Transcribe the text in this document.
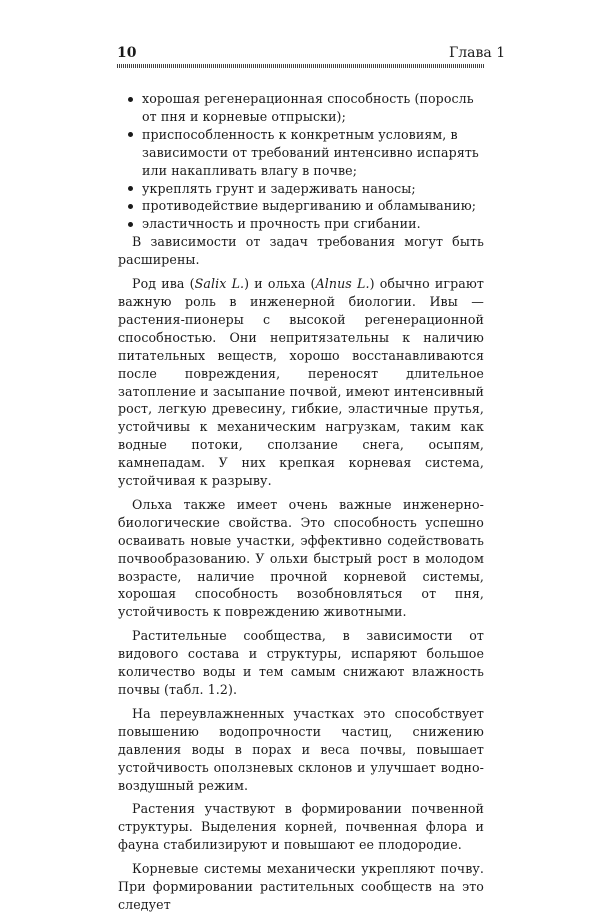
10	Глава 1
хорошая регенерационная способность (поросль от пня и корневые отпрыски);
приспособленность к конкретным условиям, в зависимости от требований интенсивно испарять или накапливать влагу в почве;
укреплять грунт и задерживать наносы;
противодействие выдергиванию и обламыванию;
эластичность и прочность при сгибании.

В зависимости от задач требования могут быть расширены.

Род ива (Salix L.) и ольха (Alnus L.) обычно играют важную роль в инженерной биологии. Ивы — растения-пионеры с высокой регенерационной способностью. Они непритязательны к наличию питательных веществ, хорошо восстанавливаются после повреждения, переносят длительное затопление и засыпание почвой, имеют интенсивный рост, легкую древесину, гибкие, эластичные прутья, устойчивы к механическим нагрузкам, таким как водные потоки, сползание снега, осыпям, камнепадам. У них крепкая корневая система, устойчивая к разрыву.

Ольха также имеет очень важные инженерно-биологические свойства. Это способность успешно осваивать новые участки, эффективно содействовать почвообразованию. У ольхи быстрый рост в молодом возрасте, наличие прочной корневой системы, хорошая способность возобновляться от пня, устойчивость к повреждению животными.

Растительные сообщества, в зависимости от видового состава и структуры, испаряют большое количество воды и тем самым снижают влажность почвы (табл. 1.2).

На переувлажненных участках это способствует повышению водопрочности частиц, снижению давления воды в порах и веса почвы, повышает устойчивость оползневых склонов и улучшает водно-воздушный режим.

Растения участвуют в формировании почвенной структуры. Выделения корней, почвенная флора и фауна стабилизируют и повышают ее плодородие.

Корневые системы механически укрепляют почву. При формировании растительных сообществ на это следует
